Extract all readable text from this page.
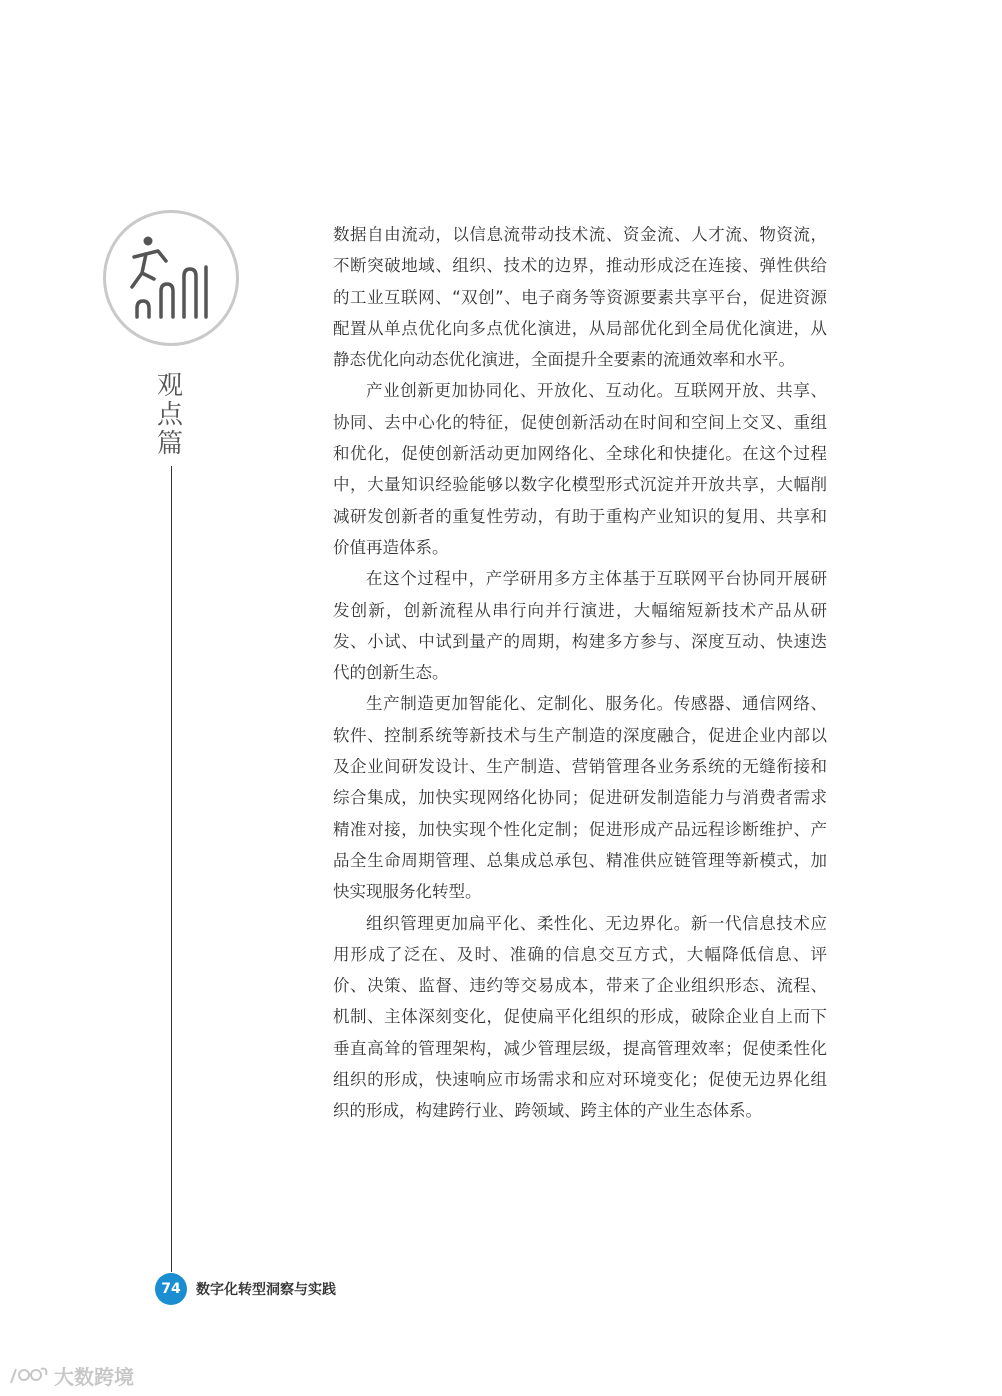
观点篇

数据自由流动，以信息流带动技术流、资金流、人才流、物资流，不断突破地域、组织、技术的边界，推动形成泛在连接、弹性供给的工业互联网、“双创”、电子商务等资源要素共享平台，促进资源配置从单点优化向多点优化演进，从局部优化到全局优化演进，从静态优化向动态优化演进，全面提升全要素的流通效率和水平。

产业创新更加协同化、开放化、互动化。互联网开放、共享、协同、去中心化的特征，促使创新活动在时间和空间上交叉、重组和优化，促使创新活动更加网络化、全球化和快捷化。在这个过程中，大量知识经验能够以数字化模型形式沉淀并开放共享，大幅削减研发创新者的重复性劳动，有助于重构产业知识的复用、共享和价值再造体系。

在这个过程中，产学研用多方主体基于互联网平台协同开展研发创新，创新流程从串行向并行演进，大幅缩短新技术产品从研发、小试、中试到量产的周期，构建多方参与、深度互动、快速迭代的创新生态。

生产制造更加智能化、定制化、服务化。传感器、通信网络、软件、控制系统等新技术与生产制造的深度融合，促进企业内部以及企业间研发设计、生产制造、营销管理各业务系统的无缝衔接和综合集成，加快实现网络化协同；促进研发制造能力与消费者需求精准对接，加快实现个性化定制；促进形成产品远程诊断维护、产品全生命周期管理、总集成总承包、精准供应链管理等新模式，加快实现服务化转型。

组织管理更加扁平化、柔性化、无边界化。新一代信息技术应用形成了泛在、及时、准确的信息交互方式，大幅降低信息、评价、决策、监督、违约等交易成本，带来了企业组织形态、流程、机制、主体深刻变化，促使扁平化组织的形成，破除企业自上而下垂直高耸的管理架构，减少管理层级，提高管理效率；促使柔性化组织的形成，快速响应市场需求和应对环境变化；促使无边界化组织的形成，构建跨行业、跨领域、跨主体的产业生态体系。

74	数字化转型洞察与实践
大数跨境
